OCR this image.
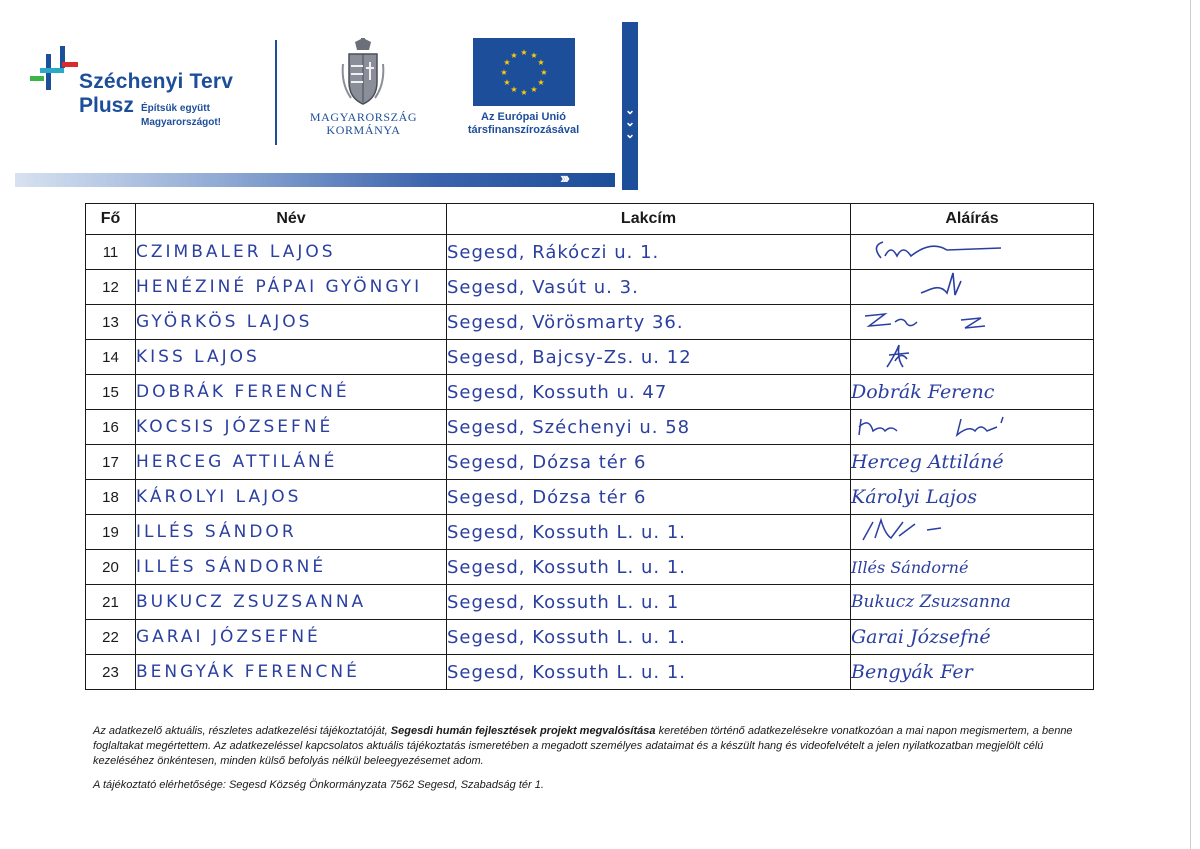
Széchenyi Terv
Plusz Építsük együtt
Magyarországot!	MAGYARORSZÁG
KORMÁNYA
★ ★
★
★
★
★
★
★
★
★
★
★
Az Európai Unió
társfinanszírozásával
⌄
⌄
⌄
›››
Fő	Név	Lakcím	Aláírás
11	CZIMBALER LAJOS	Segesd, Rákóczi u. 1.	
12	HENÉZINÉ PÁPAI GYÖNGYI	Segesd, Vasút u. 3.	
13	GYÖRKÖS LAJOS	Segesd, Vörösmarty 36.	
14	KISS LAJOS	Segesd, Bajcsy-Zs. u. 12	
15	DOBRÁK FERENCNÉ	Segesd, Kossuth u. 47	Dobrák Ferenc
16	KOCSIS JÓZSEFNÉ	Segesd, Széchenyi u. 58	
17	HERCEG ATTILÁNÉ	Segesd, Dózsa tér 6	Herceg Attiláné
18	KÁROLYI LAJOS	Segesd, Dózsa tér 6	Károlyi Lajos
19	ILLÉS SÁNDOR	Segesd, Kossuth L. u. 1.	
20	ILLÉS SÁNDORNÉ	Segesd, Kossuth L. u. 1.	Illés Sándorné
21	BUKUCZ ZSUZSANNA	Segesd, Kossuth L. u. 1	Bukucz Zsuzsanna
22	GARAI JÓZSEFNÉ	Segesd, Kossuth L. u. 1.	Garai Józsefné
23	BENGYÁK FERENCNÉ	Segesd, Kossuth L. u. 1.	Bengyák Fer
Az adatkezelő aktuális, részletes adatkezelési tájékoztatóját, Segesdi humán fejlesztések projekt megvalósítása keretében történő adatkezelésekre vonatkozóan a mai napon megismertem, a benne foglaltakat megértettem. Az adatkezeléssel kapcsolatos aktuális tájékoztatás ismeretében a megadott személyes adataimat és a készült hang és videofelvételt a jelen nyilatkozatban megjelölt célú kezeléséhez önkéntesen, minden külső befolyás nélkül beleegyezésemet adom.
A tájékoztató elérhetősége: Segesd Község Önkormányzata 7562 Segesd, Szabadság tér 1.
